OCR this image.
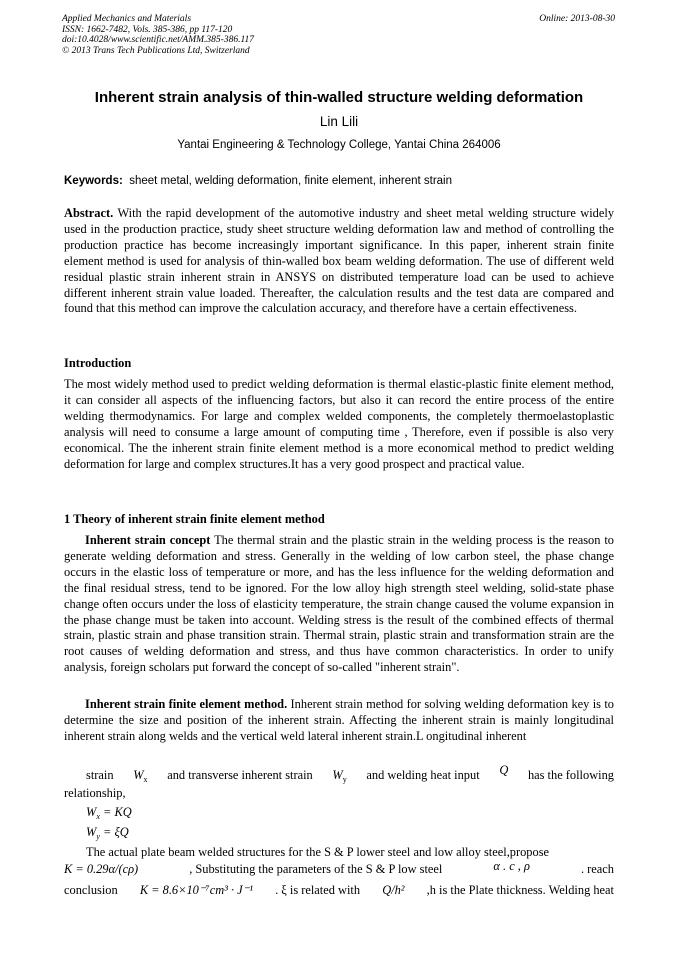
Applied Mechanics and Materials
ISSN: 1662-7482, Vols. 385-386, pp 117-120
doi:10.4028/www.scientific.net/AMM.385-386.117
© 2013 Trans Tech Publications Ltd, Switzerland
Online: 2013-08-30
Inherent strain analysis of thin-walled structure welding deformation
Lin Lili
Yantai Engineering & Technology College, Yantai China 264006
Keywords: sheet metal, welding deformation, finite element, inherent strain

Abstract. With the rapid development of the automotive industry and sheet metal welding structure widely used in the production practice, study sheet structure welding deformation law and method of controlling the production practice has become increasingly important significance. In this paper, inherent strain finite element method is used for analysis of thin-walled box beam welding deformation. The use of different weld residual plastic strain inherent strain in ANSYS on distributed temperature load can be used to achieve different inherent strain value loaded. Thereafter, the calculation results and the test data are compared and found that this method can improve the calculation accuracy, and therefore have a certain effectiveness.

Introduction

The most widely method used to predict welding deformation is thermal elastic-plastic finite element method, it can consider all aspects of the influencing factors, but also it can record the entire process of the entire welding thermodynamics. For large and complex welded components, the completely thermoelastoplastic analysis will need to consume a large amount of computing time , Therefore, even if possible is also very economical. The the inherent strain finite element method is a more economical method to predict welding deformation for large and complex structures.It has a very good prospect and practical value.

1 Theory of inherent strain finite element method

Inherent strain concept The thermal strain and the plastic strain in the welding process is the reason to generate welding deformation and stress. Generally in the welding of low carbon steel, the phase change occurs in the elastic loss of temperature or more, and has the less influence for the welding deformation and the final residual stress, tend to be ignored. For the low alloy high strength steel welding, solid-state phase change often occurs under the loss of elasticity temperature, the strain change caused the volume expansion in the phase change must be taken into account. Welding stress is the result of the combined effects of thermal strain, plastic strain and phase transition strain. Thermal strain, plastic strain and transformation strain are the root causes of welding deformation and stress, and thus have common characteristics. In order to unify analysis, foreign scholars put forward the concept of so-called "inherent strain".

Inherent strain finite element method. Inherent strain method for solving welding deformation key is to determine the size and position of the inherent strain. Affecting the inherent strain is mainly longitudinal inherent strain along welds and the vertical weld lateral inherent strain.L ongitudinal inherent

strain $W_x$ and transverse inherent strain $W_y$ and welding heat input Q has the following
relationship,
$W_x$ = KQ
$W_y = \xi Q$
The actual plate beam welded structures for the S & P lower steel and low alloy steel,propose
K = 0.29α/(cρ)	, Substituting the parameters of the S & P low steel	α . c , ρ	. reach
conclusion K = 8.6×10⁻⁷cm³ · J⁻¹ . ξ is related with Q/h² ,h is the Plate thickness. Welding heat
